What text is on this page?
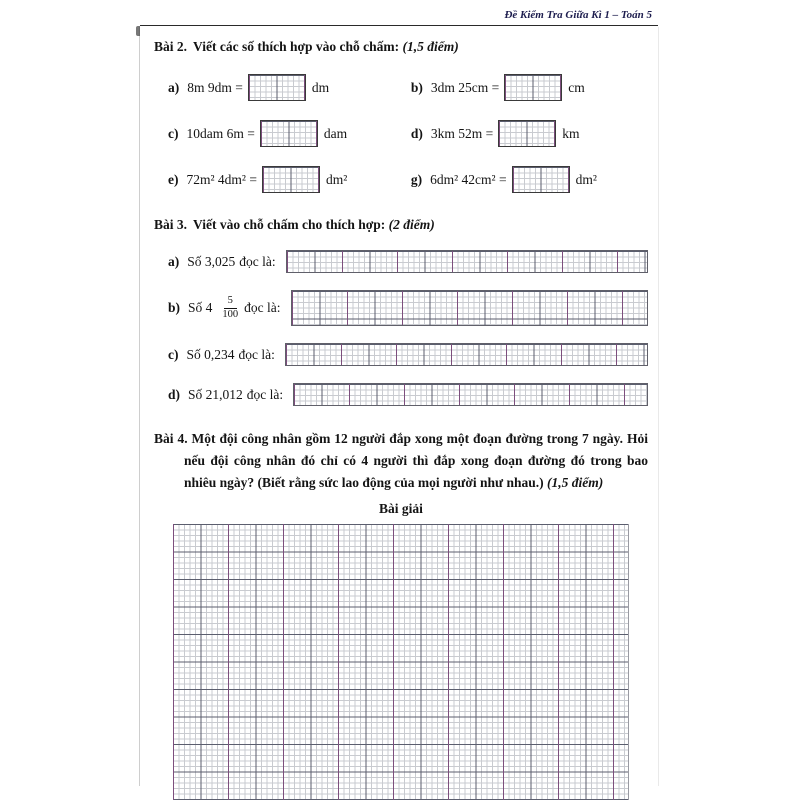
Đề Kiểm Tra Giữa Kì 1 – Toán 5
Bài 2. Viết các số thích hợp vào chỗ chấm: (1,5 điểm)
a) 8m 9dm =	dm	b) 3dm 25cm =	cm
c) 10dam 6m =	dam	d) 3km 52m =	km
e) 72m² 4dm² =	dm²	g) 6dm² 42cm² =	dm²
Bài 3. Viết vào chỗ chấm cho thích hợp: (2 điểm)
a) Số 3,025 đọc là:
b) Số $4 \frac{5}{100}$ đọc là:
c) Số 0,234 đọc là:
d) Số 21,012 đọc là:

Bài 4. Một đội công nhân gồm 12 người đắp xong một đoạn đường trong 7 ngày. Hỏi nếu đội công nhân đó chỉ có 4 người thì đắp xong đoạn đường đó trong bao nhiêu ngày? (Biết rằng sức lao động của mọi người như nhau.) (1,5 điểm)

Bài giải
